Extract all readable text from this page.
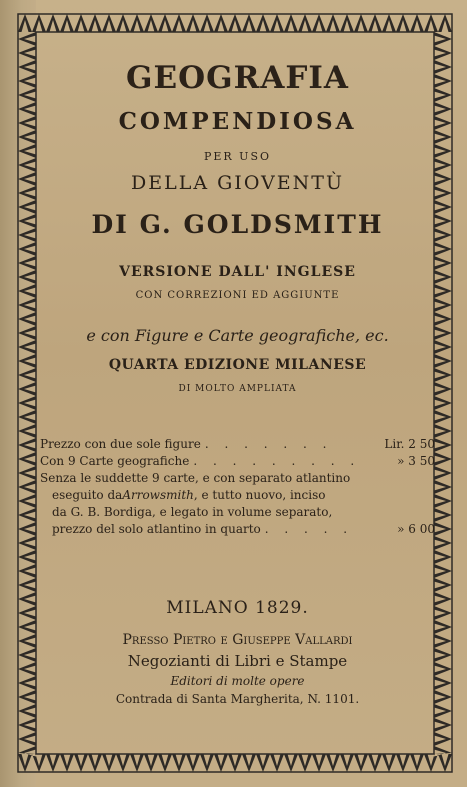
GEOGRAFIA
COMPENDIOSA
PER USO
DELLA GIOVENTÙ
DI G. GOLDSMITH
VERSIONE DALL' INGLESE
CON CORREZIONI ED AGGIUNTE
e con Figure e Carte geografiche, ec.
QUARTA EDIZIONE MILANESE
DI MOLTO AMPLIATA
Prezzo con due sole figure . . . . . . .	Lir. 2 50
Con 9 Carte geografiche . . . . . . . . .	» 3 50
Senza le suddette 9 carte, e con separato atlantino
eseguito da Arrowsmith , e tutto nuovo, inciso
da G. B. Bordiga, e legato in volume separato,
prezzo del solo atlantino in quarto . . . . .	» 6 00
MILANO 1829.
Presso Pietro e Giuseppe Vallardi
Negozianti di Libri e Stampe
Editori di molte opere
Contrada di Santa Margherita, N. 1101.
